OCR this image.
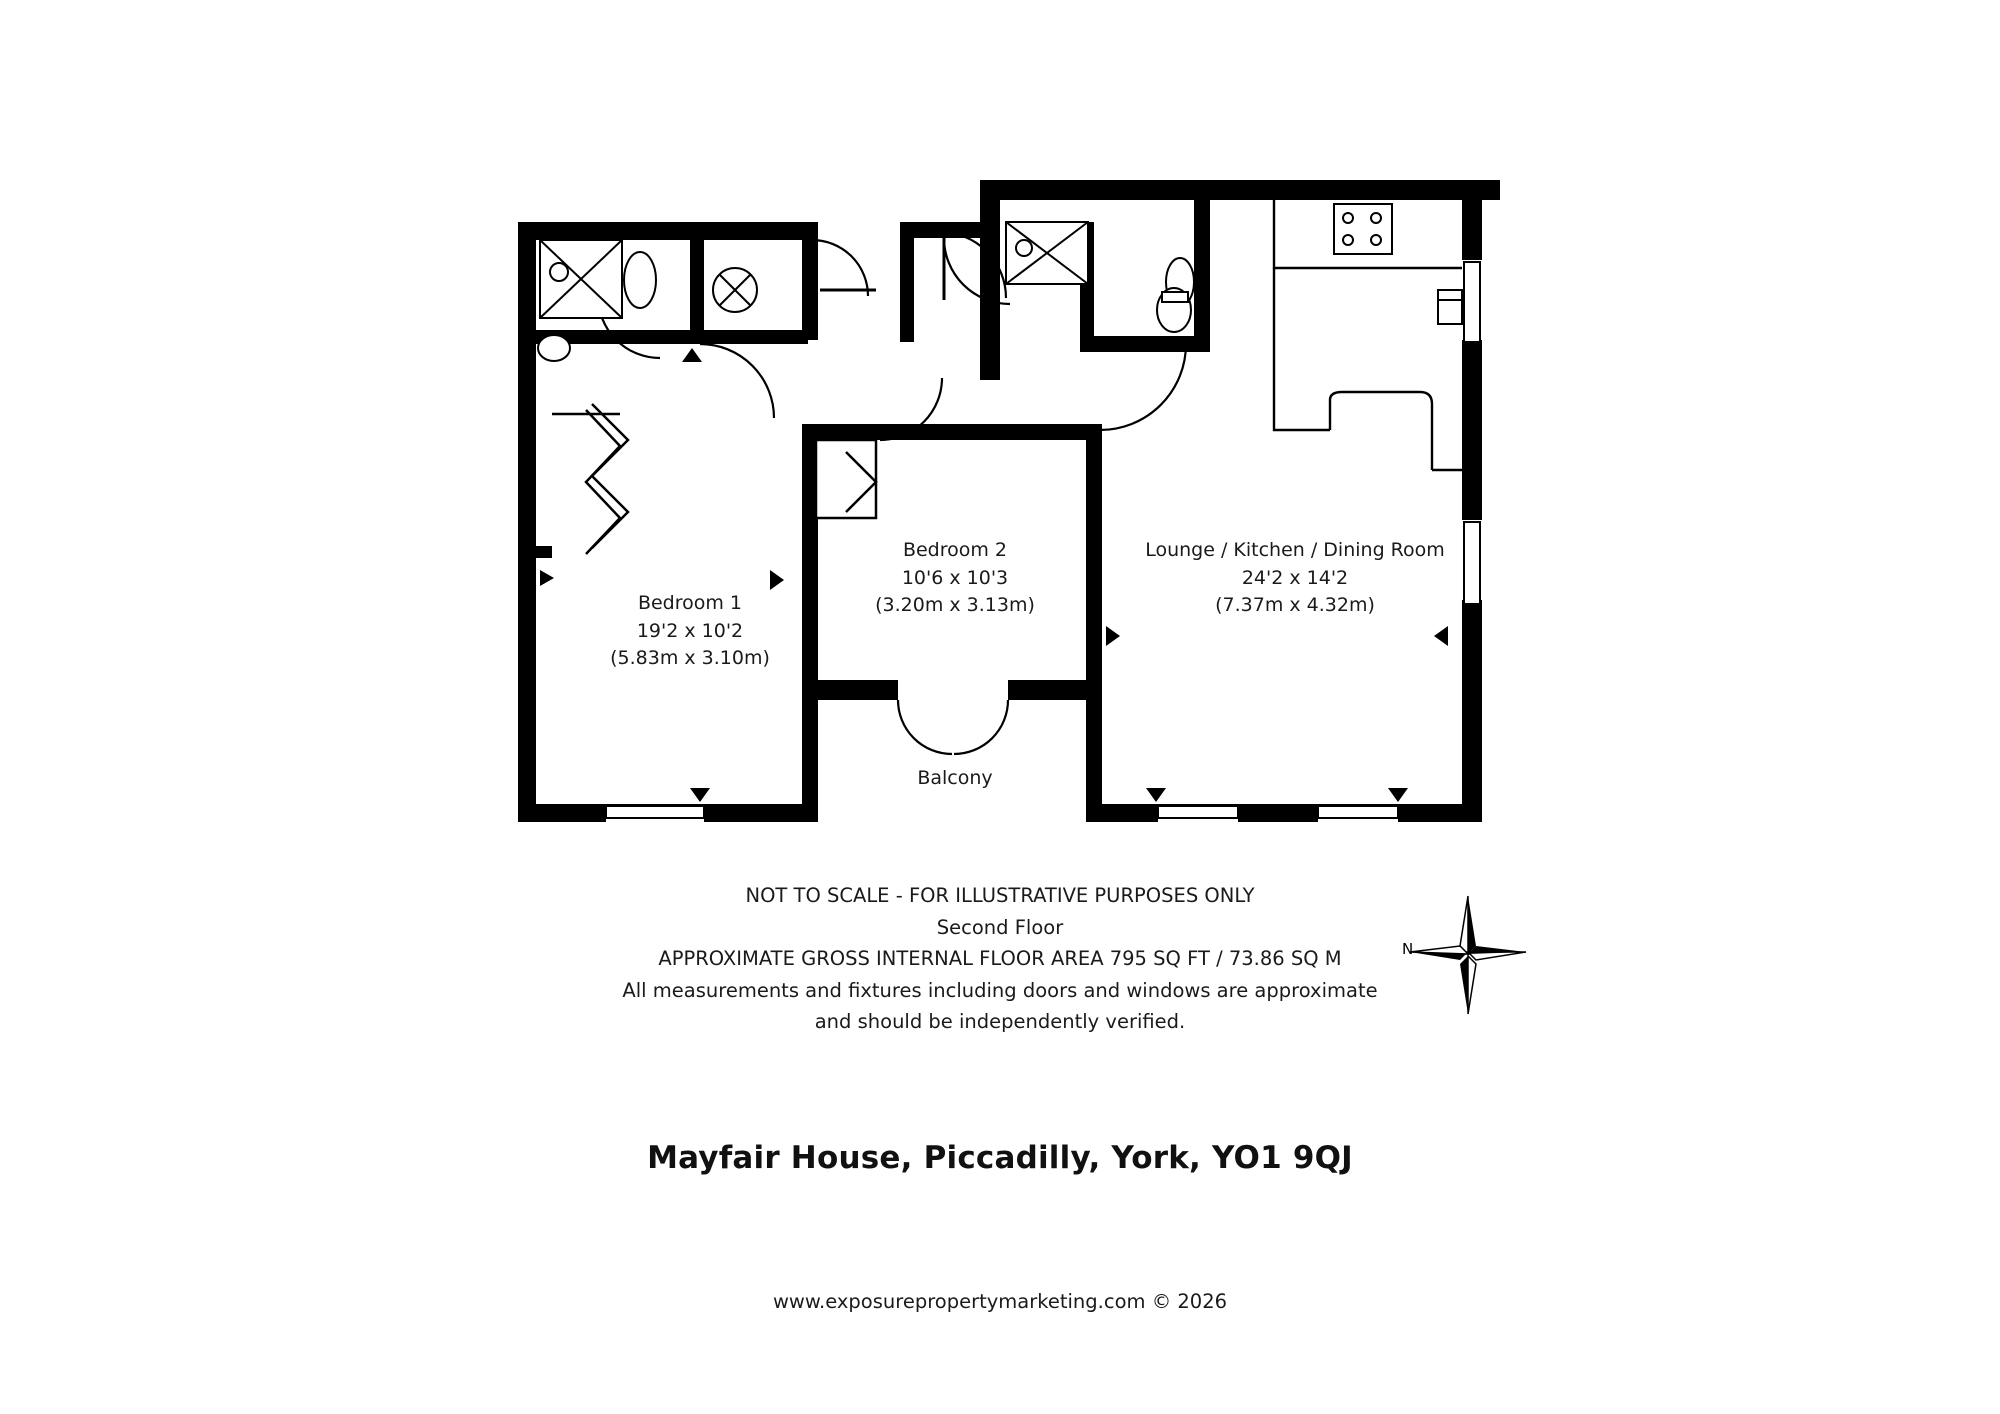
Bedroom 1
19'2 x 10'2
(5.83m x 3.10m)
Bedroom 2
10'6 x 10'3
(3.20m x 3.13m)
Lounge / Kitchen / Dining Room
24'2 x 14'2
(7.37m x 4.32m)
Balcony
NOT TO SCALE - FOR ILLUSTRATIVE PURPOSES ONLY
Second Floor
APPROXIMATE GROSS INTERNAL FLOOR AREA 795 SQ FT / 73.86 SQ M
All measurements and fixtures including doors and windows are approximate
and should be independently verified.
N
Mayfair House, Piccadilly, York, YO1 9QJ
www.exposurepropertymarketing.com © 2026
